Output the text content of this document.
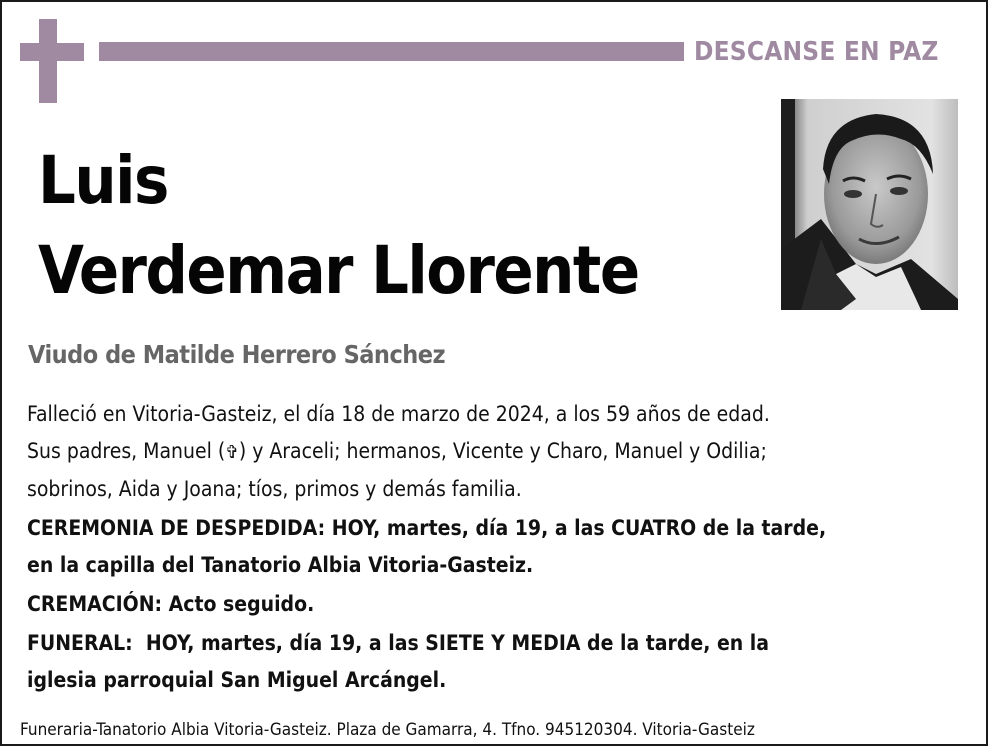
DESCANSE EN PAZ
Luis
Verdemar Llorente
Viudo de Matilde Herrero Sánchez

Falleció en Vitoria-Gasteiz, el día 18 de marzo de 2024, a los 59 años de edad.

Sus padres, Manuel (✞) y Araceli; hermanos, Vicente y Charo, Manuel y Odilia;

sobrinos, Aida y Joana; tíos, primos y demás familia.

CEREMONIA DE DESPEDIDA: HOY, martes, día 19, a las CUATRO de la tarde,

en la capilla del Tanatorio Albia Vitoria-Gasteiz.

CREMACIÓN: Acto seguido.

FUNERAL:  HOY, martes, día 19, a las SIETE Y MEDIA de la tarde, en la

iglesia parroquial San Miguel Arcángel.

Funeraria-Tanatorio Albia Vitoria-Gasteiz. Plaza de Gamarra, 4. Tfno. 945120304. Vitoria-Gasteiz
